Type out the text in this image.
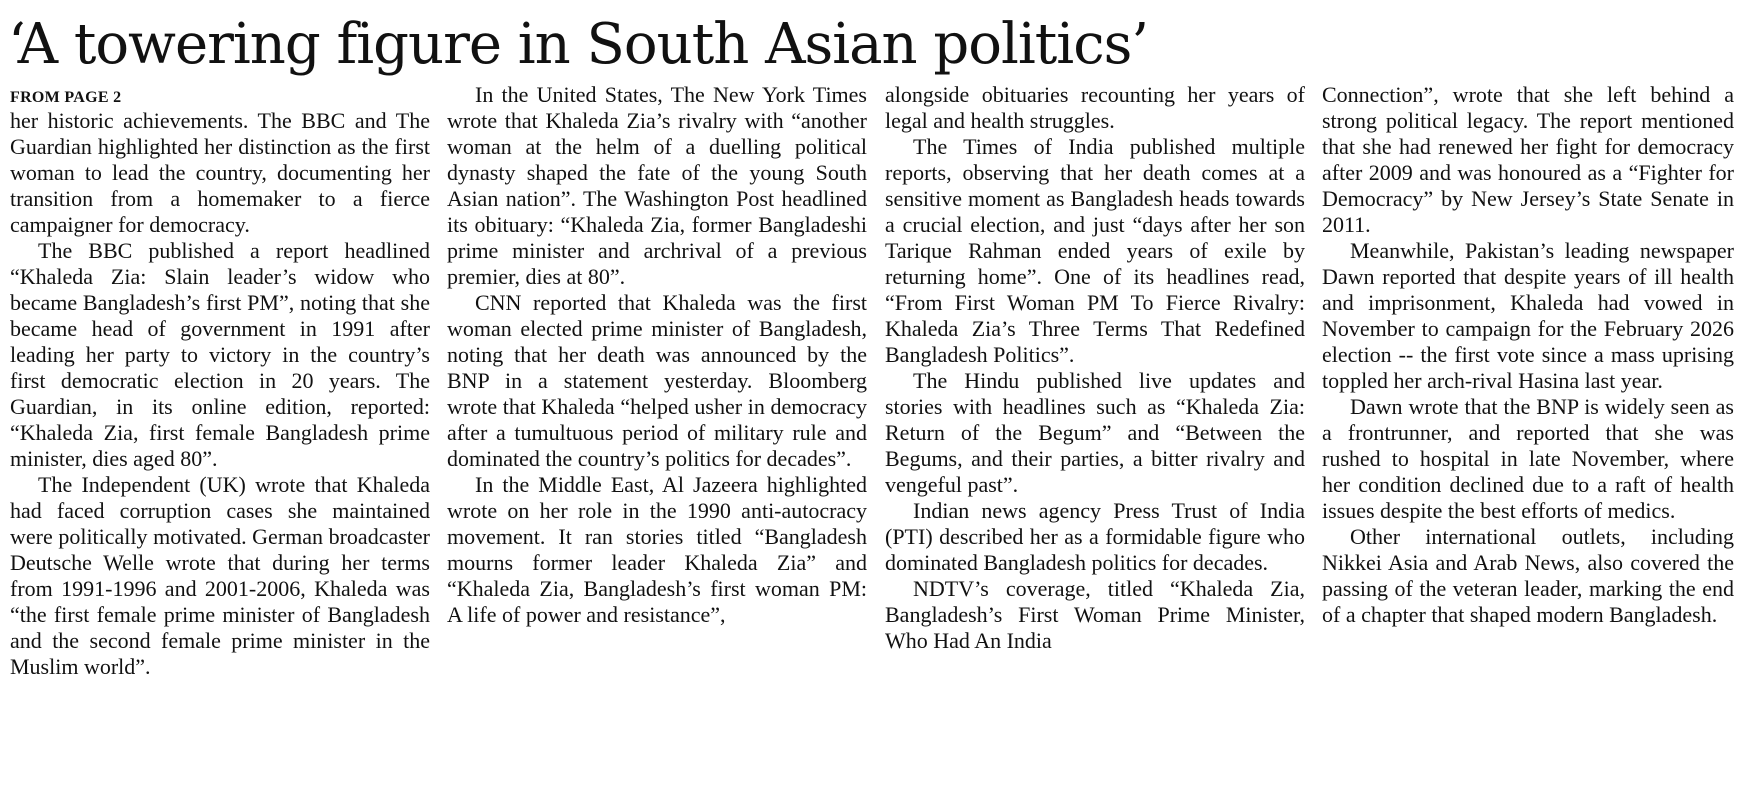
‘A towering figure in South Asian politics’
FROM PAGE 2

her historic achievements. The BBC and The Guardian highlighted her distinction as the first woman to lead the country, documenting her transition from a homemaker to a fierce campaigner for democracy.

The BBC published a report headlined “Khaleda Zia: Slain leader’s widow who became Bangladesh’s first PM”, noting that she became head of government in 1991 after leading her party to victory in the country’s first democratic election in 20 years. The Guardian, in its online edition, reported: “Khaleda Zia, first female Bangladesh prime minister, dies aged 80”.

The Independent (UK) wrote that Khaleda had faced corruption cases she maintained were politically motivated. German broadcaster Deutsche Welle wrote that during her terms from 1991-1996 and 2001-2006, Khaleda was “the first female prime minister of Bangladesh and the second female prime minister in the Muslim world”.

In the United States, The New York Times wrote that Khaleda Zia’s rivalry with “another woman at the helm of a duelling political dynasty shaped the fate of the young South Asian nation”. The Washington Post headlined its obituary: “Khaleda Zia, former Bangladeshi prime minister and archrival of a previous premier, dies at 80”.

CNN reported that Khaleda was the first woman elected prime minister of Bangladesh, noting that her death was announced by the BNP in a statement yesterday. Bloomberg wrote that Khaleda “helped usher in democracy after a tumultuous period of military rule and dominated the country’s politics for decades”.

In the Middle East, Al Jazeera highlighted wrote on her role in the 1990 anti-autocracy movement. It ran stories titled “Bangladesh mourns former leader Khaleda Zia” and “Khaleda Zia, Bangladesh’s first woman PM: A life of power and resistance”,

alongside obituaries recounting her years of legal and health struggles.

The Times of India published multiple reports, observing that her death comes at a sensitive moment as Bangladesh heads towards a crucial election, and just “days after her son Tarique Rahman ended years of exile by returning home”. One of its headlines read, “From First Woman PM To Fierce Rivalry: Khaleda Zia’s Three Terms That Redefined Bangladesh Politics”.

The Hindu published live updates and stories with headlines such as “Khaleda Zia: Return of the Begum” and “Between the Begums, and their parties, a bitter rivalry and vengeful past”.

Indian news agency Press Trust of India (PTI) described her as a formidable figure who dominated Bangladesh politics for decades.

NDTV’s coverage, titled “Khaleda Zia, Bangladesh’s First Woman Prime Minister, Who Had An India

Connection”, wrote that she left behind a strong political legacy. The report mentioned that she had renewed her fight for democracy after 2009 and was honoured as a “Fighter for Democracy” by New Jersey’s State Senate in 2011.

Meanwhile, Pakistan’s leading newspaper Dawn reported that despite years of ill health and imprisonment, Khaleda had vowed in November to campaign for the February 2026 election -- the first vote since a mass uprising toppled her arch-rival Hasina last year.

Dawn wrote that the BNP is widely seen as a frontrunner, and reported that she was rushed to hospital in late November, where her condition declined due to a raft of health issues despite the best efforts of medics.

Other international outlets, including Nikkei Asia and Arab News, also covered the passing of the veteran leader, marking the end of a chapter that shaped modern Bangladesh.
